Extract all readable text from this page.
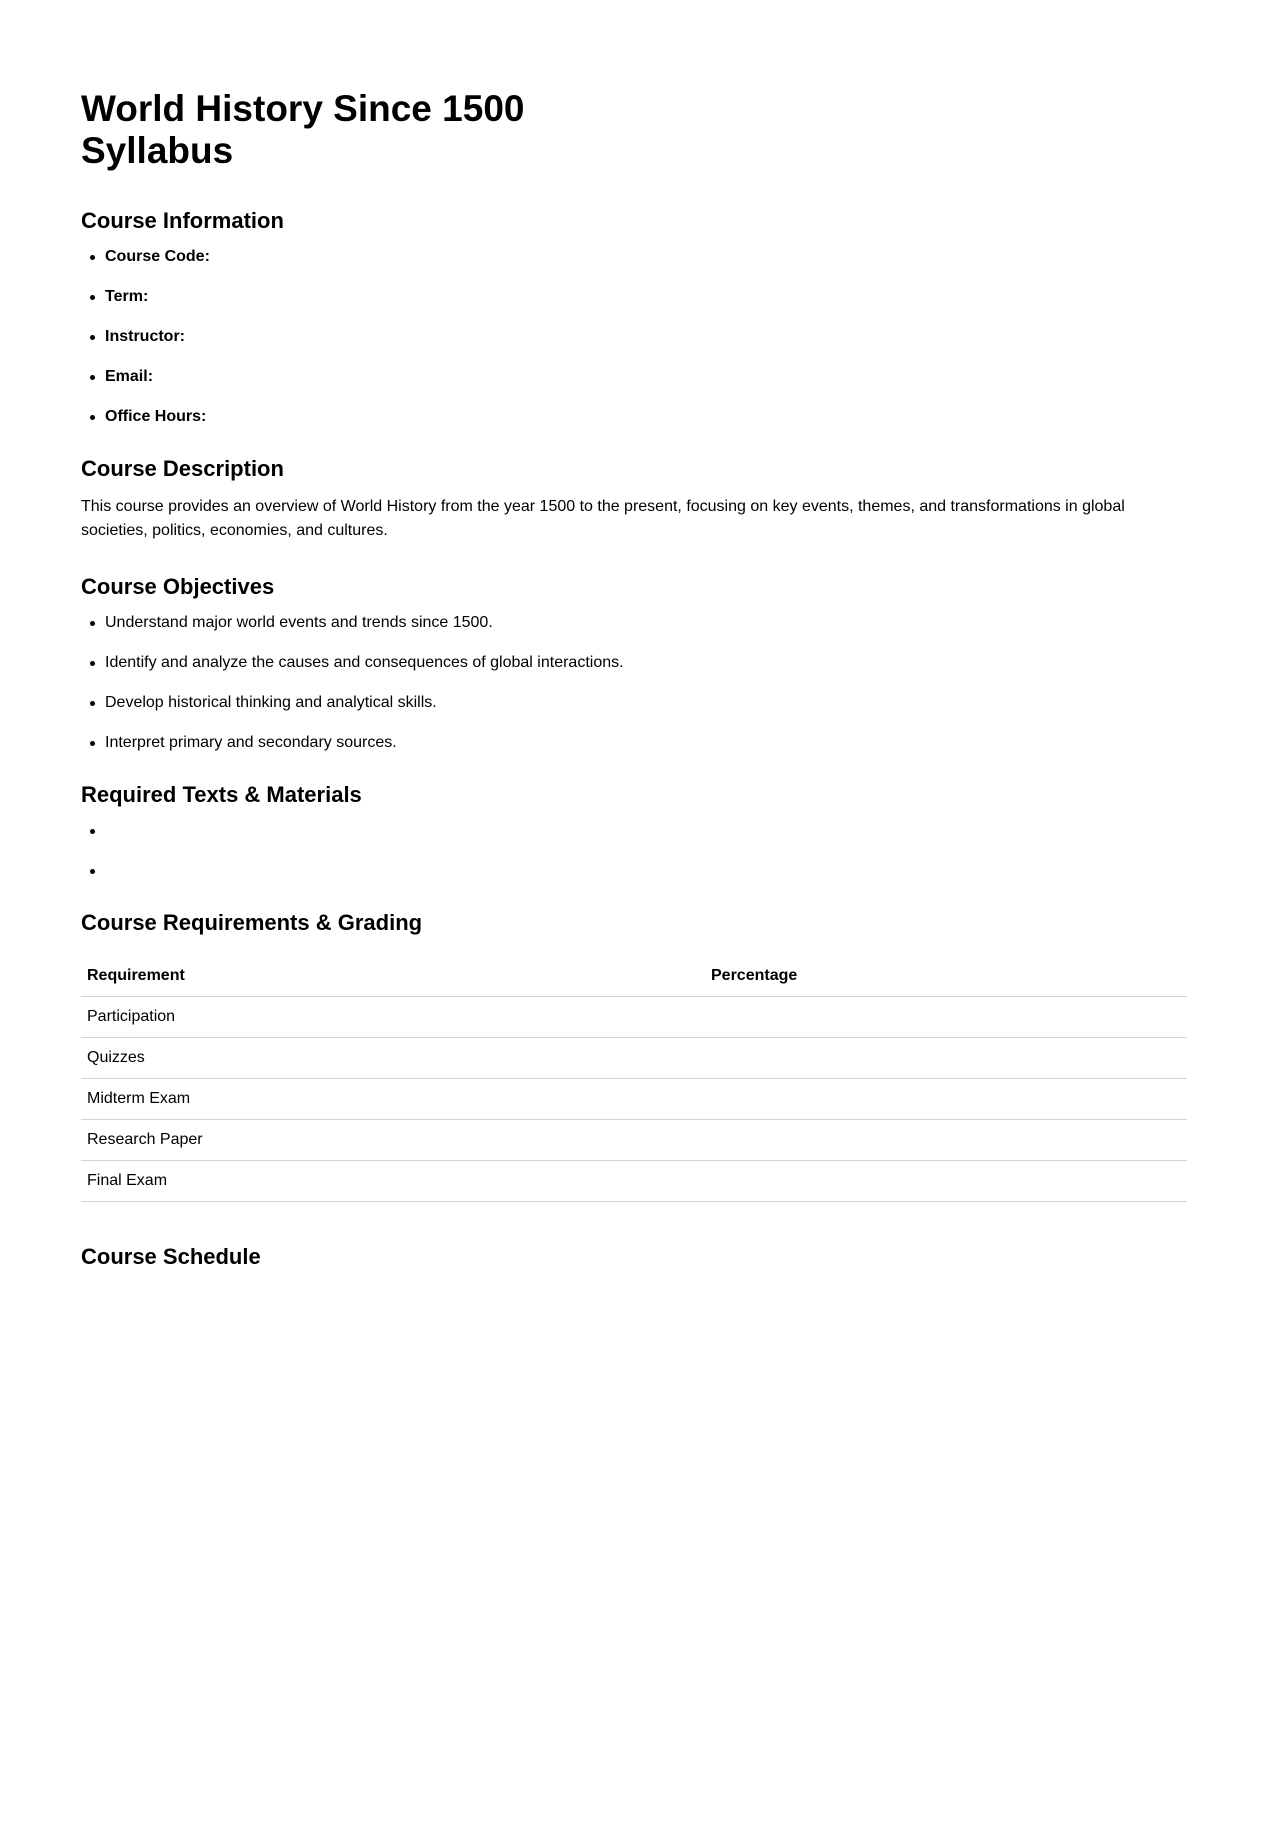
World History Since 1500 Syllabus
Course Information
Course Code:
Term:
Instructor:
Email:
Office Hours:
Course Description

This course provides an overview of World History from the year 1500 to the present, focusing on key events, themes, and transformations in global societies, politics, economies, and cultures.

Course Objectives
Understand major world events and trends since 1500.
Identify and analyze the causes and consequences of global interactions.
Develop historical thinking and analytical skills.
Interpret primary and secondary sources.
Required Texts & Materials
Course Requirements & Grading
Requirement	Percentage
Participation	
Quizzes	
Midterm Exam	
Research Paper	
Final Exam	
Course Schedule
